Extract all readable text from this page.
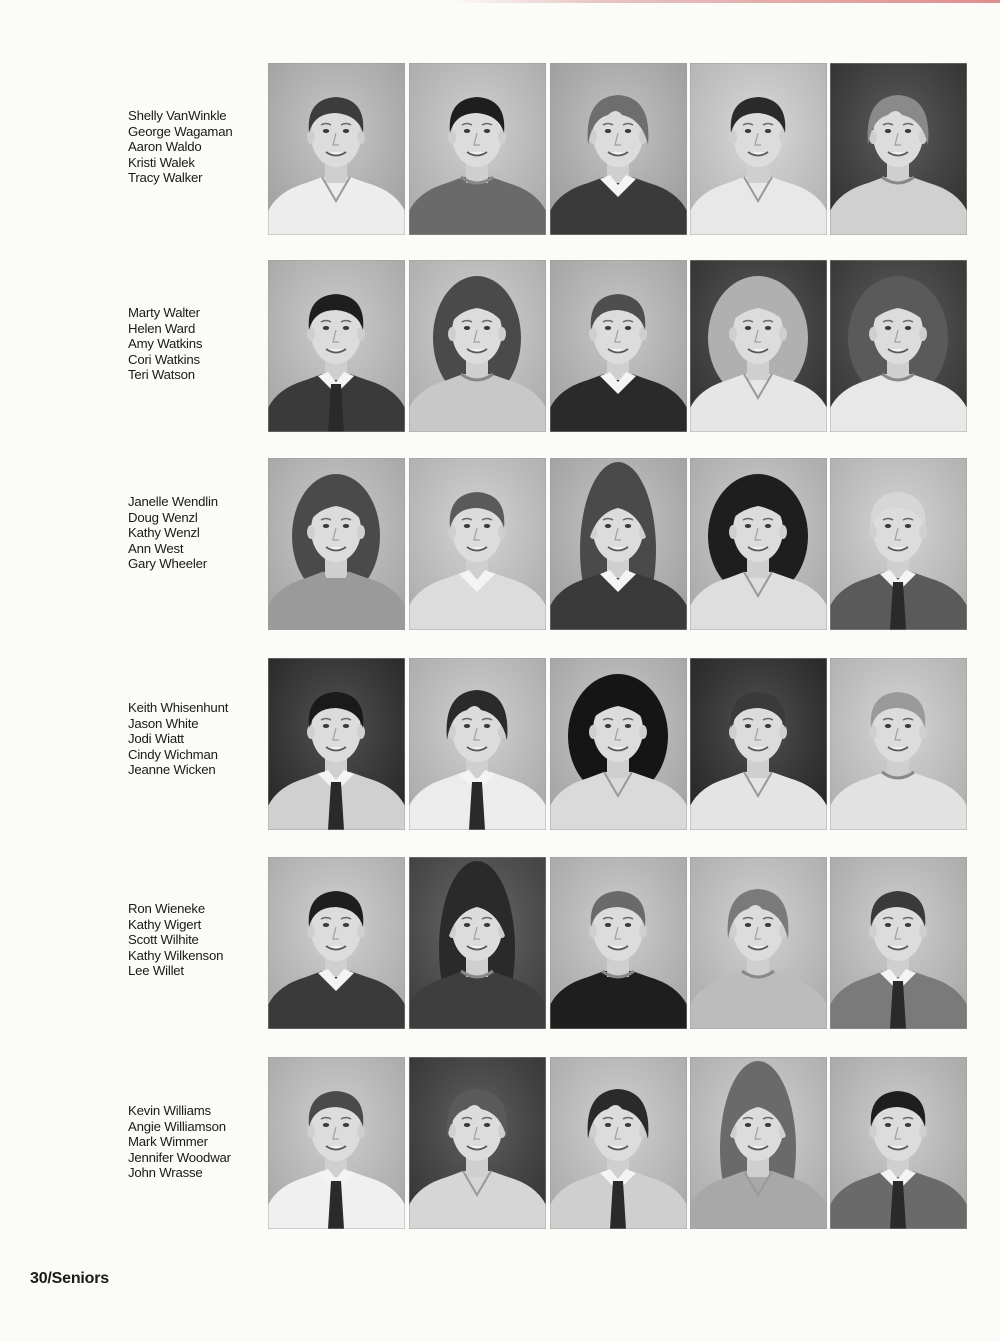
Shelly VanWinkle
George Wagaman
Aaron Waldo
Kristi Walek
Tracy Walker
Marty Walter
Helen Ward
Amy Watkins
Cori Watkins
Teri Watson
Janelle Wendlin
Doug Wenzl
Kathy Wenzl
Ann West
Gary Wheeler
Keith Whisenhunt
Jason White
Jodi Wiatt
Cindy Wichman
Jeanne Wicken
Ron Wieneke
Kathy Wigert
Scott Wilhite
Kathy Wilkenson
Lee Willet
Kevin Williams
Angie Williamson
Mark Wimmer
Jennifer Woodwar
John Wrasse
30/Seniors
